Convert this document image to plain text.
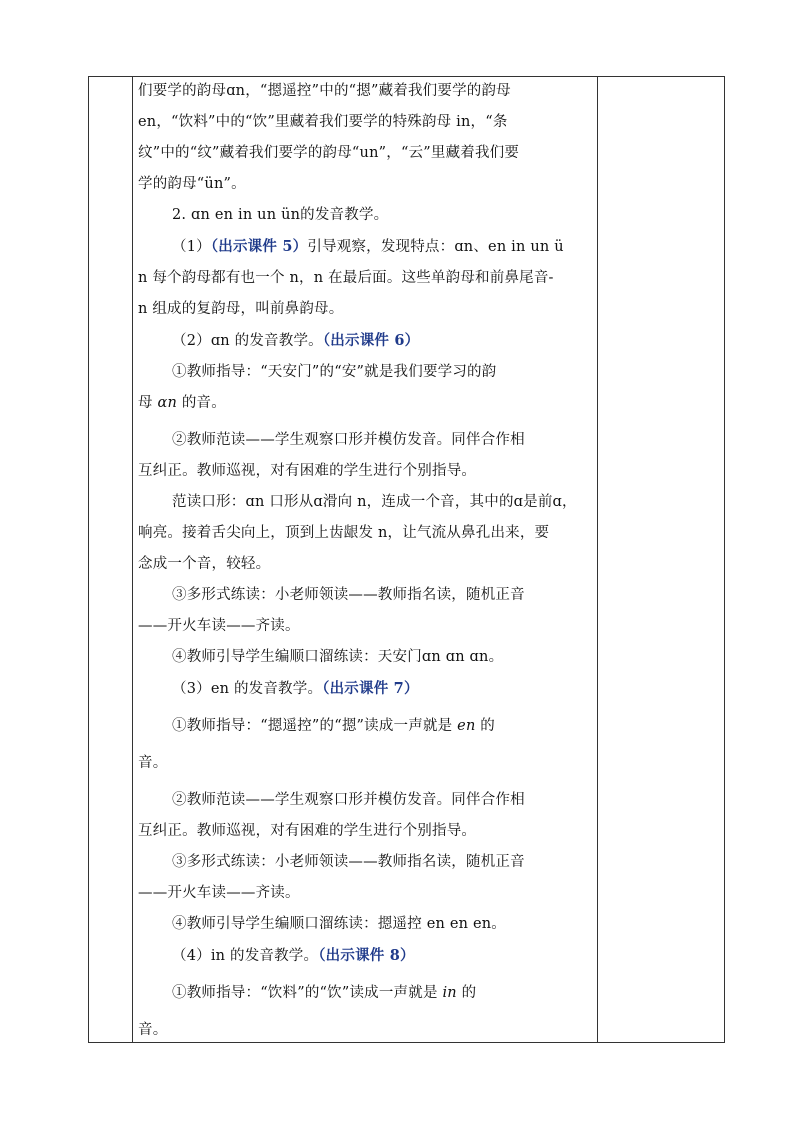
们要学的韵母ɑn，“摁遥控”中的“摁”藏着我们要学的韵母

en，“饮料”中的“饮”里藏着我们要学的特殊韵母 in，“条

纹”中的“纹”藏着我们要学的韵母“un”，“云”里藏着我们要

学的韵母“ün”。

2. ɑn en in un ün的发音教学。

（1）（出示课件 5）引导观察，发现特点：ɑn、en in un ü

n 每个韵母都有也一个 n，n 在最后面。这些单韵母和前鼻尾音-

n 组成的复韵母，叫前鼻韵母。

（2）ɑn 的发音教学。（出示课件 6）

①教师指导：“天安门”的“安”就是我们要学习的韵

母 ɑn 的音。

②教师范读——学生观察口形并模仿发音。同伴合作相

互纠正。教师巡视，对有困难的学生进行个别指导。

范读口形：ɑn 口形从ɑ滑向 n，连成一个音，其中的ɑ是前ɑ，

响亮。接着舌尖向上，顶到上齿龈发 n，让气流从鼻孔出来，要

念成一个音，较轻。

③多形式练读：小老师领读——教师指名读，随机正音

——开火车读——齐读。

④教师引导学生编顺口溜练读：天安门ɑn ɑn ɑn。

（3）en 的发音教学。（出示课件 7）

①教师指导：“摁遥控”的“摁”读成一声就是 en 的

音。

②教师范读——学生观察口形并模仿发音。同伴合作相

互纠正。教师巡视，对有困难的学生进行个别指导。

③多形式练读：小老师领读——教师指名读，随机正音

——开火车读——齐读。

④教师引导学生编顺口溜练读：摁遥控 en en en。

（4）in 的发音教学。（出示课件 8）

①教师指导：“饮料”的“饮”读成一声就是 in 的

音。
